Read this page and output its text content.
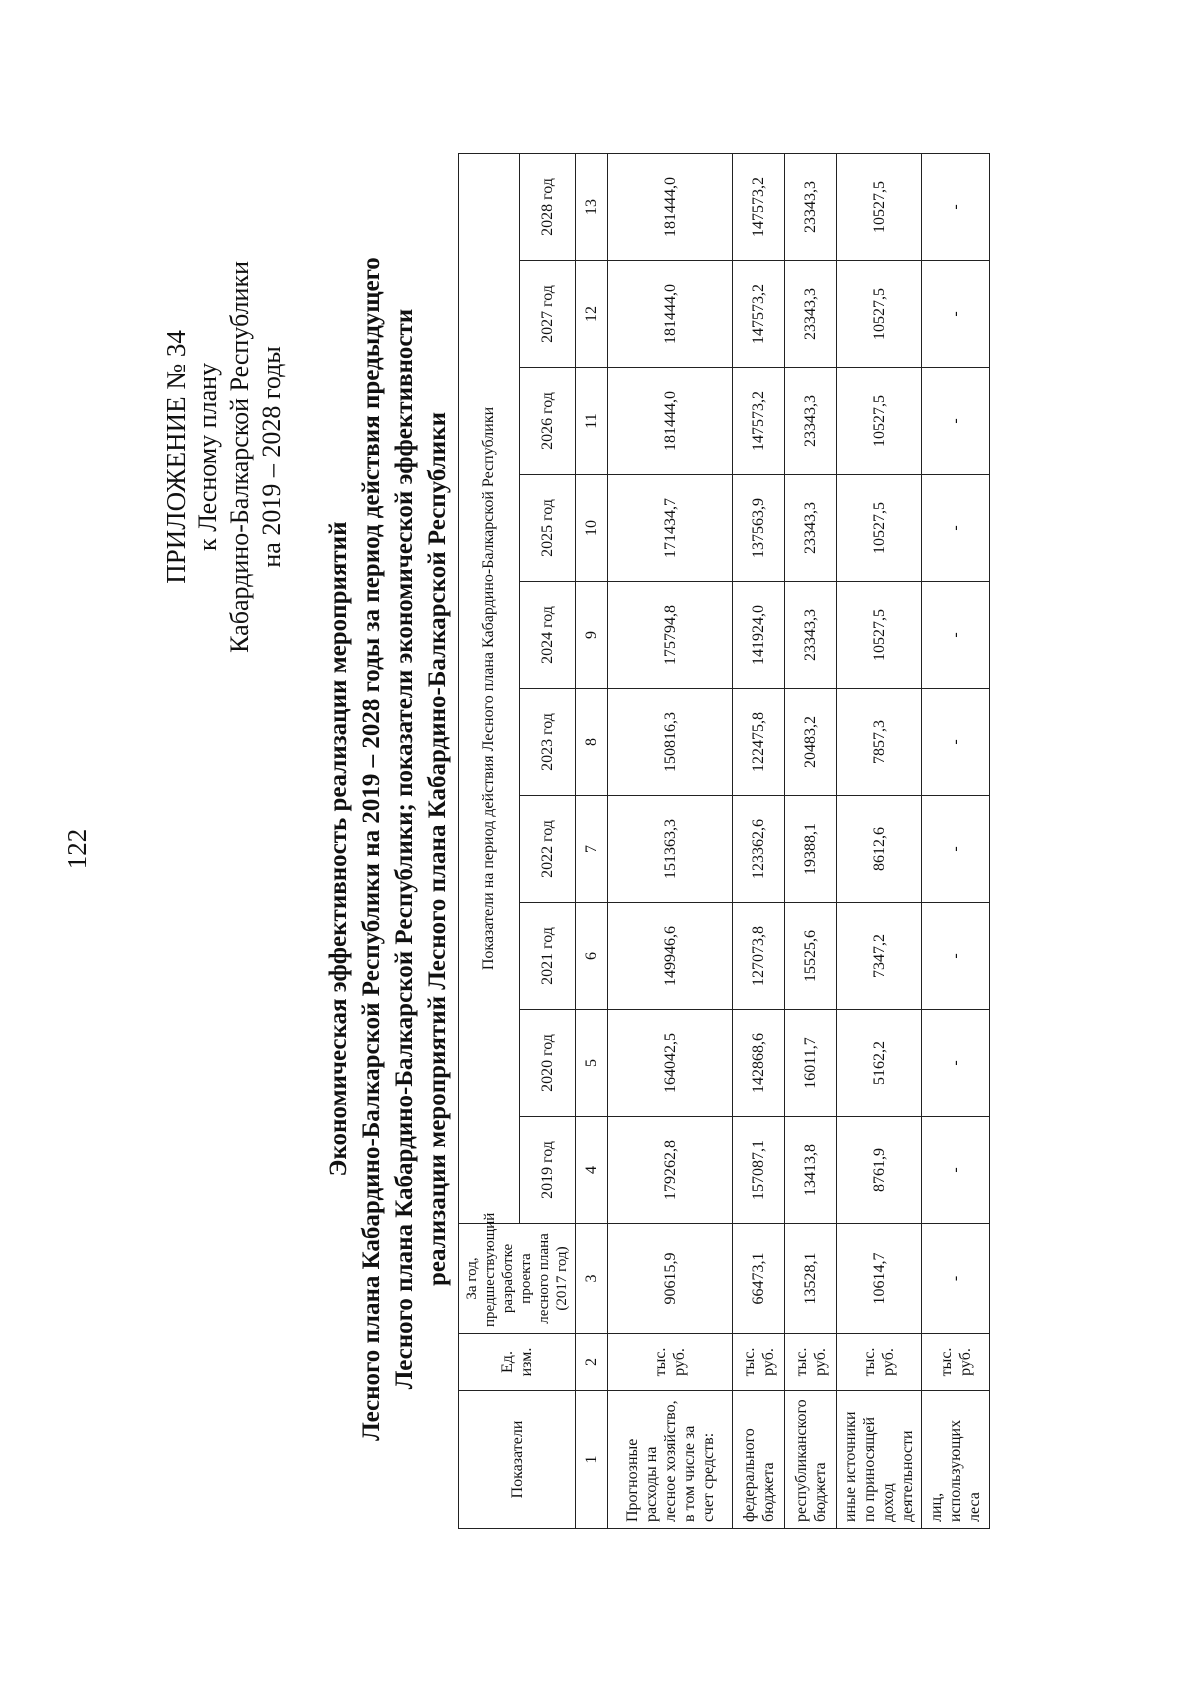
122
ПРИЛОЖЕНИЕ № 34 к Лесному плану Кабардино-Балкарской Республики на 2019 – 2028 годы
Экономическая эффективность реализации мероприятий Лесного плана Кабардино-Балкарской Республики на 2019 – 2028 годы за период действия предыдущего Лесного плана Кабардино-Балкарской Республики; показатели экономической эффективности реализации мероприятий Лесного плана Кабардино-Балкарской Республики
Показатели	Ед. изм.	За год, предшествующий разработке проекта лесного плана (2017 год)	Показатели на период действия Лесного плана Кабардино-Балкарской Республики									
			2019 год	2020 год	2021 год	2022 год	2023 год	2024 год	2025 год	2026 год	2027 год	2028 год
1	2	3	4	5	6	7	8	9	10	11	12	13
Прогнозные расходы на лесное хозяйство, в том числе за счет средств:	тыс. руб.	90615,9	179262,8	164042,5	149946,6	151363,3	150816,3	175794,8	171434,7	181444,0	181444,0	181444,0
федерального бюджета	тыс. руб.	66473,1	157087,1	142868,6	127073,8	123362,6	122475,8	141924,0	137563,9	147573,2	147573,2	147573,2
республиканского бюджета	тыс. руб.	13528,1	13413,8	16011,7	15525,6	19388,1	20483,2	23343,3	23343,3	23343,3	23343,3	23343,3
иные источники по приносящей доход деятельности	тыс. руб.	10614,7	8761,9	5162,2	7347,2	8612,6	7857,3	10527,5	10527,5	10527,5	10527,5	10527,5
лиц, использующих леса	тыс. руб.	-	-	-	-	-	-	-	-	-	-	-
